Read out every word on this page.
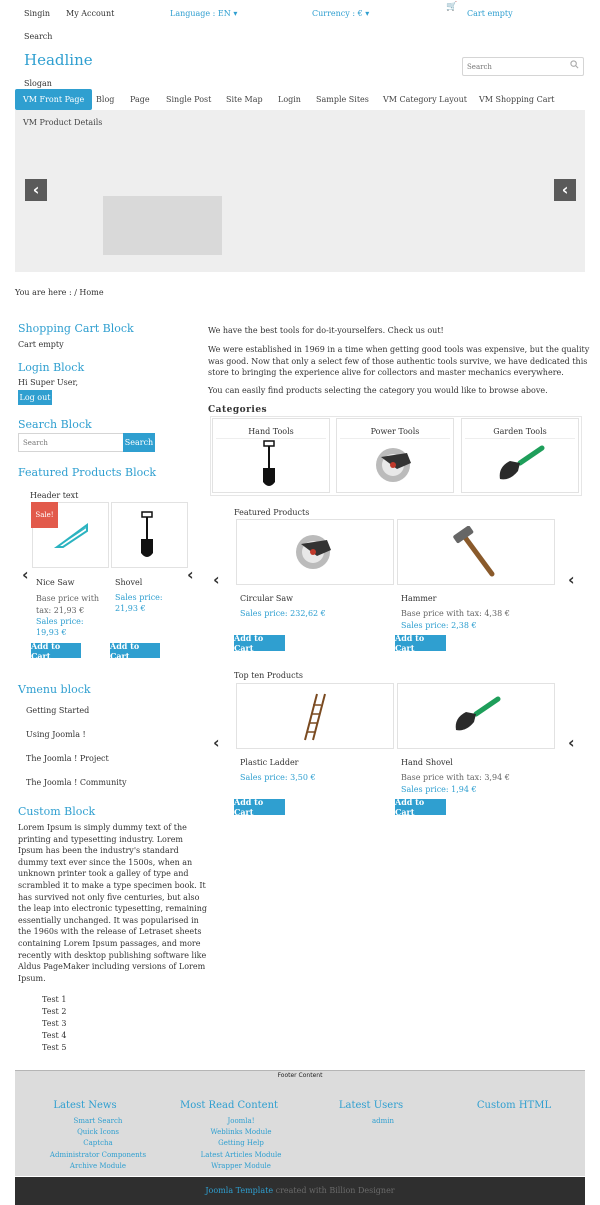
Singin My Account	Language : EN ▾	Currency : € ▾
🛒
Cart empty
Search
Headline
Slogan
Search
VM Front Page	Blog Page Single Post Site Map Login Sample Sites VM Category Layout VM Shopping Cart
VM Product Details
‹	‹
You are here : / Home
Shopping Cart Block
Cart empty
Login Block
Hi Super User,
Log out
Search Block
Search
Search
Featured Products Block
Header text
Sale!
‹	‹
Nice Saw
Base price with tax: 21,93 €
Sales price:
19,93 €
Add to Cart
Shovel
Sales price:
21,93 €
Add to Cart
Vmenu block
Getting Started
Using Joomla !
The Joomla ! Project
The Joomla ! Community
Custom Block
Lorem Ipsum is simply dummy text of the
printing and typesetting industry. Lorem
Ipsum has been the industry's standard
dummy text ever since the 1500s, when an
unknown printer took a galley of type and
scrambled it to make a type specimen book. It
has survived not only five centuries, but also
the leap into electronic typesetting, remaining
essentially unchanged. It was popularised in
the 1960s with the release of Letraset sheets
containing Lorem Ipsum passages, and more
recently with desktop publishing software like
Aldus PageMaker including versions of Lorem
Ipsum.
Test 1
Test 2
Test 3
Test 4
Test 5
We have the best tools for do-it-yourselfers. Check us out!
We were established in 1969 in a time when getting good tools was expensive, but the quality
was good. Now that only a select few of those authentic tools survive, we have dedicated this
store to bringing the experience alive for collectors and master mechanics everywhere.
You can easily find products selecting the category you would like to browse above.
Categories
Hand Tools	Power Tools	Garden Tools
Featured Products
‹	‹
Circular Saw
Sales price: 232,62 €
Add to Cart
Hammer
Base price with tax: 4,38 €
Sales price: 2,38 €
Add to Cart
Top ten Products
‹	‹
Plastic Ladder
Sales price: 3,50 €
Add to Cart
Hand Shovel
Base price with tax: 3,94 €
Sales price: 1,94 €
Add to Cart
Footer Content
Latest News
Smart Search
Quick Icons
Captcha
Administrator Components
Archive Module
Most Read Content
Joomla!
Weblinks Module
Getting Help
Latest Articles Module
Wrapper Module
Latest Users
admin
Custom HTML
Joomla Template created with Billion Designer
